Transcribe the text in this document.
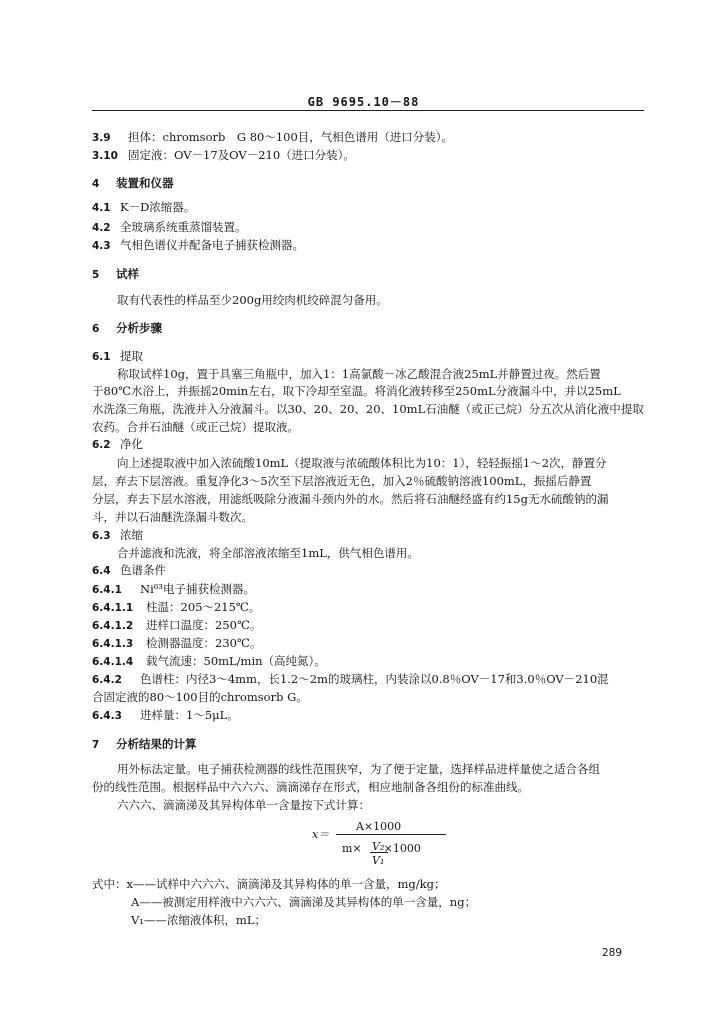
GB 9695.10－88
3.9 担体：chromsorb　G 80～100目，气相色谱用（进口分装）。
3.10 固定液：OV－17及OV－210（进口分装）。
4 装置和仪器
4.1 K－D浓缩器。
4.2 全玻璃系统重蒸馏装置。
4.3 气相色谱仪并配备电子捕获检测器。
5 试样
取有代表性的样品至少200g用绞肉机绞碎混匀备用。
6 分析步骤
6.1 提取
称取试样10g，置于具塞三角瓶中，加入1：1高氯酸－冰乙酸混合液25mL并静置过夜。然后置
于80℃水浴上，并振摇20min左右，取下冷却至室温。将消化液转移至250mL分液漏斗中，并以25mL
水洗涤三角瓶，洗液并入分液漏斗。以30、20、20、20、10mL石油醚（或正己烷）分五次从消化液中提取
农药。合并石油醚（或正己烷）提取液。
6.2 净化
向上述提取液中加入浓硫酸10mL（提取液与浓硫酸体积比为10：1），轻轻振摇1～2次，静置分
层，弃去下层溶液。重复净化3～5次至下层溶液近无色，加入2％硫酸钠溶液100mL，振摇后静置
分层，弃去下层水溶液，用滤纸吸除分液漏斗颈内外的水。然后将石油醚经盛有约15g无水硫酸钠的漏
斗，并以石油醚洗涤漏斗数次。
6.3 浓缩
合并滤液和洗液，将全部溶液浓缩至1mL，供气相色谱用。
6.4 色谱条件
6.4.1 Ni⁶³电子捕获检测器。
6.4.1.1 柱温：205～215℃。
6.4.1.2 进样口温度：250℃。
6.4.1.3 检测器温度：230℃。
6.4.1.4 载气流速：50mL/min（高纯氮）。
6.4.2 色谱柱：内径3～4mm，长1.2～2m的玻璃柱，内装涂以0.8％OV－17和3.0％OV－210混
合固定液的80～100目的chromsorb G。
6.4.3 进样量：1～5μL。
7 分析结果的计算
用外标法定量。电子捕获检测器的线性范围狭窄，为了便于定量，选择样品进样量使之适合各组
份的线性范围。根据样品中六六六、滴滴涕存在形式，相应地制备各组份的标准曲线。
六六六、滴滴涕及其异构体单一含量按下式计算：
式中：x——试样中六六六、滴滴涕及其异构体的单一含量，mg/kg；
A——被测定用样液中六六六、滴滴涕及其异构体的单一含量，ng；
V₁——浓缩液体积，mL；
x＝
A×1000
m× ×1000
V₂
V₁
289
